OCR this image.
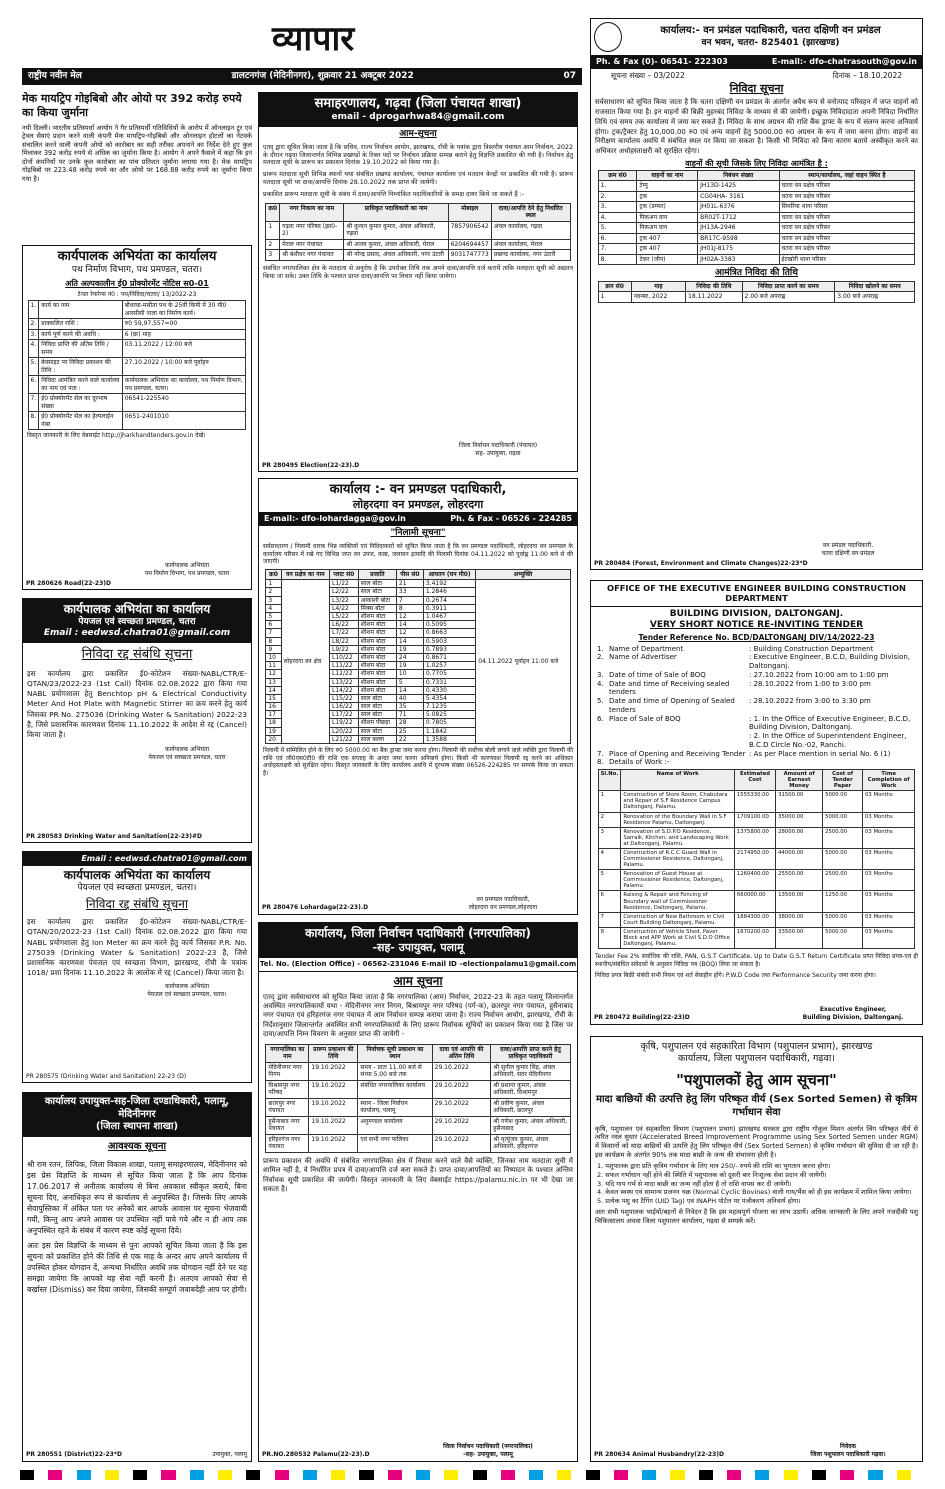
व्यापार
राष्ट्रीय नवीन मेल	डालटनगंज (मेदिनीनगर), शुक्रवार 21 अक्टूबर 2022	07
मेक मायट्रिप गोइबिबो और ओयो पर 392 करोड़ रुपये का किया जुर्माना
नयी दिल्ली। भारतीय प्रतिस्पर्धा आयोग ने गैर प्रतिस्पर्धी गतिविधियों के आरोप में ऑनलाइन टूर एवं ट्रेवल सेवाएं प्रदान करने वाली कंपनी मेक मायट्रिप-गोइबिबो और ओनलाइन होटलों का नेटवर्क संचालित करने वाली कंपनी ओयो को कारोबार का सही तरीका अपनाने का निर्देश देते हुए कुल मिलाकर 392 करोड़ रुपये से अधिक का जुर्माना किया है। आयोग ने अपने फैसले में कहा कि इन दोनों कंपनियों पर उनके कुल कारोबार का पांच प्रतिशत जुर्माना लगाया गया है। मेक मायट्रिप गोइबिबो पर 223.48 करोड़ रुपये का और ओयो पर 168.88 करोड़ रुपये का जुर्माना किया गया है।
कार्यपालक अभियंता का कार्यालय
पथ निर्माण विभाग, पथ प्रमण्डल, चतरा।
अति अल्पकालीन ई0 प्रोक्योरमेंट नोटिस स0-01
टेन्डर रेफरेन्स नं0 : पथ/निविदा/चतरा/ 13/2022-23
1.	कार्य का नाम	बौधरवा-मसौता पथ के 25वीं किमी में 30 मी0 आरसीसी नाला का निर्माण कार्य।
2.	प्राक्कलित राशि :	रु0 59,97,557=00
3.	कार्य पूर्ण करने की अवधि :	6 (छः) माह
4.	निविदा प्राप्ति की अंतिम तिथि / समय	03.11.2022 / 12:00 बजे
5.	बेवसाइट पर निविदा प्रकाशन की तिथि :	27.10.2022 / 10:00 बजे पूर्वाहन
6.	निविदा आमंत्रित करने वाले कार्यालय का नाम एवं पता :	कार्यपालक अभियंता का कार्यालय, पथ निर्माण विभाग, पथ प्रमण्डल, चतरा।
7.	ई0 प्रोक्योरमेंट सेल का दूरभाष संख्या	06541-225540
8.	ई0 प्रोक्योरमेंट सेल का हेल्पलाईन नंबर	0651-2401010
विस्तृत जानकारी के लिए वेबसाईट http://jharkhandtenders.gov.in देखें।
कार्यपालक अभियंता
पथ निर्माण विभाग, पथ प्रमण्डल, चतरा
PR 280626 Road(22-23)D
कार्यपालक अभियंता का कार्यालय
पेयजल एवं स्वच्छता प्रमण्डल, चतरा
Email : eedwsd.chatra01@gmail.com
निविदा रद्द संबंधि सूचना
इस कार्यालय द्वारा प्रकाशित ई0-कोटेशन संख्या-NABL/CTR/E-QTAN/23/2022-23 (1st Call) दिनांक 02.08.2022 द्वारा किया गया NABL प्रयोगशाला हेतु Benchtop pH & Electrical Conductivity Meter And Hot Plate with Magnetic Stirrer का क्रय करने हेतु कार्य जिसका PR No. 275036 (Drinking Water & Sanitation) 2022-23 है, जिसे प्रशासनिक कारणवश दिनांक 11.10.2022 के आदेश से रद्द (Cancel) किया जाता है।
कार्यपालक अभियंता
पेयजल एवं स्वच्छता प्रमण्डल, चतरा
PR 280583 Drinking Water and Sanitation(22-23)#D
Email : eedwsd.chatra01@gmail.com
कार्यपालक अभियंता का कार्यालय
पेयजल एवं स्वच्छता प्रमण्डल, चतरा।
निविदा रद्द संबंधि सूचना
इस कार्यालय द्वारा प्रकाशित ई0-कोटेशन संख्या-NABL/CTR/E-QTAN/20/2022-23 (1st Call) दिनांक 02.08.2022 द्वारा किया गया NABL प्रयोगशाला हेतु Ion Meter का क्रय करने हेतु कार्य जिसका P.R. No. 275039 (Drinking Water & Sanitation) 2022-23 है, जिसे प्रशासनिक कारणवश पेयजल एवं स्वच्छता विभाग, झारखण्ड, राँची के पत्रांक 1018/ प्रशा दिनांक 11.10.2022 के आलोक में रद्द (Cancel) किया जाता है।
कार्यपालक अभियंता
पेयजल एवं स्वच्छता प्रमण्डल, चतरा।
PR 280575 (Drinking Water and Sanitation) 22-23 (D)
कार्यालय उपायुक्त-सह-जिला दण्डाधिकारी, पलामू, मेदिनीनगर
(जिला स्थापना शाखा)
आवश्यक सूचना
श्री राम रतन, लिपिक, जिला विकास शाखा, पलामू समाहरणालय, मेदिनीनगर को इस प्रेस विज्ञप्ति के माध्यम से सूचित किया जाता है कि आप दिनांक 17.06.2017 से अनीतक कार्यालय से बिना अवकाश स्वीकृत कराये, बिना सूचना दिए, अनाधिकृत रूप से कार्यालय से अनुपस्थित है। जिसके लिए आपके सेवापुस्तिका में अंकित पता पर अनेकों बार आपके आवास पर सूचना भेजवायी गयी, किन्तु आप अपने आवास पर उपस्थित नहीं पाये गये और न ही आप तक अनुपस्थित रहने के संबंध में कारण स्पष्ट कोई सूचना दिये।
अतः इस प्रेस विज्ञप्ति के माध्यम से पुनः आपको सूचित किया जाता है कि इस सूचना को प्रकाशित होने की तिथि से एक माह के अन्दर आप अपने कार्यालय में उपस्थित होकर योगदान दें, अन्यथा निर्धारित अवधि तक योगदान नहीं देने पर यह समझा जायेगा कि आपको यह सेवा नहीं करनी है। अतएव आपको सेवा से बर्खास्त (Dismiss) कर दिया जायेगा, जिसकी सम्पूर्ण जवाबदेही आप पर होगी।
उपायुक्त, पलामू
PR 280551 (District)22-23*D
समाहरणालय, गढ़वा (जिला पंचायत शाखा)
email - dprogarhwa84@gmail.com
आम-सूचना
एतद् द्वारा सूचित किया जाता है कि सचिव, राज्य निर्वाचन आयोग, झारखण्ड, राँची के पत्रांक द्वारा त्रिस्तरीय पंचायत आम निर्वाचन, 2022 के दौरान गढ़वा जिलान्तर्गत विभिन्न प्रखण्डों के रिक्त पदों पर निर्वाचन प्रक्रिया सम्पन्न कराने हेतु विज्ञप्ति प्रकाशित की गयी है। निर्वाचन हेतु मतदाता सूची के प्रारूप का प्रकाशन दिनांक 19.10.2022 को किया गया है।
प्रारूप मतदाता सूची विभिन्न स्थानों यथा संबंधित प्रखण्ड कार्यालय, पंचायत कार्यालय एवं मतदान केन्द्रों पर प्रकाशित की गयी है। प्रारूप मतदाता सूची पर दावा/आपत्ति दिनांक 28.10.2022 तक प्राप्त की जायेगी।
प्रकाशित प्रारूप मतदाता सूची के संबंध में दावा/आपत्ति निम्नांकित पदाधिकारियों के समक्ष दायर किये जा सकते हैं :-
क्र0	नगर निकाय का नाम	प्राधिकृत पदाधिकारी का नाम	मोबाइल	दावा/आपत्ति देने हेतु निर्धारित स्थल
1	गढ़वा नगर परिषद (झा0-2)	श्री कुन्दन कुमार कुमार, अंचल अधिकारी, गढ़वा	7857906542	अंचल कार्यालय, गढ़वा
2	मेराल नगर पंचायत	श्री अजय कुमार, अंचल अधिकारी, मेराल	6204694457	अंचल कार्यालय, मेराल
3	श्री बंशीधर नगर पंचायत	श्री नरेन्द्र प्रसाद, अंचल अधिकारी, नगर उंटारी	9031747773	प्रखण्ड कार्यालय, नगर उंटारी
संबंधित नगरपालिका क्षेत्र के मतदाता से अनुरोध है कि उपरोक्त तिथि तक अपने दावा/आपत्ति दर्ज करायें ताकि मतदाता सूची को अद्यतन किया जा सके। उक्त तिथि के पश्चात प्राप्त दावा/आपत्ति पर विचार नहीं किया जायेगा।
जिला निर्वाचन पदाधिकारी (पंचायत)
सह- उपायुक्त, गढ़वा
PR 280495 Election(22-23).D
कार्यालय :- वन प्रमण्डल पदाधिकारी,
लोहरदगा वन प्रमण्डल, लोहरदगा
E-mail:- dfo-lohardagga@gov.in	Ph. & Fax - 06526 - 224285
"निलामी सूचना"
सर्वसाधारण / निलामी धारक भिन्न व्यक्तियों एवं निविदाकारों को सूचित किया जाता है कि वन प्रमण्डल पदाधिकारी, लोहरदगा वन प्रमण्डल के कार्यालय परिसर में रखे गए विभिन्न जप्त वन उपज, काष्ठ, जलावन इत्यादि की निलामी दिनांक 04.11.2022 को पूर्वाह्न 11:00 बजे से की जाएगी।
क्र0	वन प्रक्षेत्र का नाम	प्लाट सं0	प्रजाति	पीस सं0	आयतन (घन मी0)	अभ्युक्ति
1	लोहरदगा वन क्षेत्र	L1/22	साल बोटा	21	3.4192	04.11.2022 पूर्वाहन 11:00 बजे
2		L2/22	साल बोटा	33	1.2846	
3		L3/22	आकाशी बोटा	7	0.2674	
4		L4/22	मिक्स बोटा	8	0.3911	
5		L5/22	शीशम बोटा	12	1.0467	
6		L6/22	शीशम बोटा	14	0.5095	
7		L7/22	शीशम बोटा	12	0.8663	
8		L8/22	शीशम बोटा	14	0.5903	
9		L9/22	शीशम बोटा	19	0.7893	
10		L10/22	शीशम बोटा	24	0.8671	
11		L11/22	शीशम बोटा	19	1.0257	
12		L12/22	शीशम बोटा	10	0.7705	
13		L13/22	शीशम बोटा	5	0.7331	
14		L14/22	शीशम बोटा	14	0.4330	
15		L15/22	साल बोटा	40	5.4354	
16		L16/22	साल बोटा	35	7.1235	
17		L17/22	साल बोटा	71	5.0825	
18		L19/22	शीशम पीछड़ा	28	0.7805	
19		L20/22	साल बोटा	25	1.1842	
20		L21/22	साल बल्ला	22	1.3588	
निलामी में सम्मिलित होने के लिए रु0 5000.00 का बैंक ड्राफ्ट जमा करना होगा। निलामी की सर्वोच्च बोली लगाने वाले व्यक्ति द्वारा निलामी की राशि एवं जी0एस0टी0 की राशि एक सप्ताह के अन्दर जमा करना अनिवार्य होगा। किसी भी कारणवश निलामी रद्द करने का अधिकार अधोहस्ताक्षरी को सुरक्षित रहेगा। विस्तृत जानकारी के लिए कार्यालय अवधि में दूरभाष संख्या 06526-224285 पर सम्पर्क किया जा सकता है।
वन प्रमण्डल पदाधिकारी,
लोहरदगा वन प्रमण्डल,लोहरदगा
PR 280476 Lohardaga(22-23).D
कार्यालय, जिला निर्वाचन पदाधिकारी (नगरपालिका)
-सह- उपायुक्त, पलामू
Tel. No. (Election Office) - 06562-231046 E-mail ID –electionpalamu1@gmail.com
आम सूचना
एतद् द्वारा सर्वसाधारण को सूचित किया जाता है कि नगरपालिका (आम) निर्वाचन, 2022-23 के तहत पलामू जिलान्तर्गत अवस्थित नगरपालिकायों यथा - मेदिनीनगर नगर निगम, बिश्रामपुर नगर परिषद (पर्ग-क), छतरपुर नगर पंचायत, हुसैनाबाद नगर पंचायत एवं हरिहरगंज नगर पंचायत में आम निर्वाचन सम्पन्न कराया जाना है। राज्य निर्वाचन आयोग, झारखण्ड, राँची के निर्देशानुसार जिलान्तर्गत अवस्थित सभी नगरपालिकायों के लिए प्रारूप निर्वाचक सूचियों का प्रकाशन किया गया है जिस पर दावा/आपत्ति निम्न विवरण के अनुसार प्राप्त की जायेगी -
नगरपालिका का नाम	प्रारूप प्रकाशन की तिथि	निर्वाचक सूची प्रकाशन का स्थान	दावा एवं आपत्ति की अंतिम तिथि	दावा/आपत्ति प्राप्त करने हेतु प्राधिकृत पदाधिकारी
मेदिनीनगर नगर निगम	19.10.2022	समय - प्रातः 11.00 बजे से संध्या 5.00 बजे तक	29.10.2022	श्री सुनील कुमार सिंह, अंचल अधिकारी, सदर मेदिनीनगर
विश्रामपुर नगर परिषद	19.10.2022	संबंधित नगरपालिका कार्यालय	29.10.2022	श्री प्रशान्त कुमार, अंचल अधिकारी, विश्रामपुर
छतरपुर नगर पंचायत	19.10.2022	स्थान - जिला निर्वाचन कार्यालय, पलामू	29.10.2022	श्री प्रवीण कुमार, अंचल अधिकारी, छतरपुर
हुसैनाबाद नगर पंचायत	19.10.2022	अनुमण्डल कार्यालय	29.10.2022	श्री गणेश कुमार, अंचल अधिकारी, हुसैनाबाद
हरिहरगंज नगर पंचायत	19.10.2022	एवं सभी नगर पालिका	29.10.2022	श्री मृत्युंजय कुमार, अंचल अधिकारी, हरिहरगंज
प्रारूप प्रकाशन की अवधि में संबंधित नगरपालिका क्षेत्र में निवास करने वाले वैसे व्यक्ति, जिनका नाम मतदाता सूची में शामिल नहीं है, वे निर्धारित प्रपत्र में दावा/आपत्ति दर्ज करा सकते हैं। प्राप्त दावा/आपत्तियों का निष्पादन के पश्चात अन्तिम निर्वाचक सूची प्रकाशित की जायेगी। विस्तृत जानकारी के लिए वेबसाईट https://palamu.nic.in पर भी देखा जा सकता है।
जिला निर्वाचन पदाधिकारी (नगरपालिका)
-सह- उपायुक्त, पलामू
PR.NO.280532 Palamu(22-23).D
कार्यालय:- वन प्रमंडल पदाधिकारी, चतरा दक्षिणी वन प्रमंडल
वन भवन, चतरा- 825401 (झारखण्ड)
Ph. & Fax (0)- 06541- 222303	E-mail:- dfo-chatrasouth@gov.in
सूचना संख्या – 03/2022	दिनांक – 18.10.2022
निविदा सूचना
सर्वसाधारण को सूचित किया जाता है कि चतरा दक्षिणी वन प्रमंडल के अंतर्गत अवैध रूप से वनोत्पाद परिवहन में जप्त वाहनों को राजसात किया गया है। इन वाहनों की बिक्री मुहरबंद निविदा के माध्यम से की जायेगी। इच्छुक निविदादाता अपनी निविदा निर्धारित तिथि एवं समय तक कार्यालय में जमा कर सकते हैं। निविदा के साथ अग्रधन की राशि बैंक ड्राफ्ट के रूप में संलग्न करना अनिवार्य होगा। ट्रक/ट्रैक्टर हेतु 10,000.00 रु0 एवं अन्य वाहनों हेतु 5000.00 रु0 अग्रधन के रूप में जमा करना होगा। वाहनों का निरीक्षण कार्यालय अवधि में संबंधित स्थल पर किया जा सकता है। किसी भी निविदा को बिना कारण बताये अस्वीकृत करने का अधिकार अधोहस्ताक्षरी को सुरक्षित रहेगा।
वाहनों की सूची जिसके लिए निविदा आमंत्रित है :
क्रम सं0	वाहनों का नाम	निबंधन संख्या	स्थान/कार्यालय, जहां वाहन स्थित है
1.	टेम्पु	JH13D-1425	चतरा वन प्रक्षेत्र परिसर
2.	ट्रक	CG04HA- 3161	चतरा वन प्रक्षेत्र परिसर
3.	ट्रक (डम्फर)	JH01L-6376	सिमरिया थाना परिसर
4.	पिकअप वान	BR02T-1712	चतरा वन प्रक्षेत्र परिसर
5.	पिकअप वान	JH13A-2946	चतरा वन प्रक्षेत्र परिसर
6.	ट्रक 407	BR17C-9598	चतरा वन प्रक्षेत्र परिसर
7.	ट्रक 407	JH01J-8175	चतरा वन प्रक्षेत्र परिसर
8.	टेकर (जीप)	JH02A-3383	ईटखोरी थाना परिसर
आमंत्रित निविदा की तिथि
क्रम सं0	माह	निविदा की तिथि	निविदा प्राप्त करने का समय	निविदा खोलने का समय
1	नवम्बर, 2022	18.11.2022	2.00 बजे अपराह्न	3.00 बजे अपराह्न
वन प्रमंडल पदाधिकारी,
चतरा दक्षिणी वन प्रमंडल
PR 280484 (Forest, Environment and Climate Changes)22-23*D
OFFICE OF THE EXECUTIVE ENGINEER BUILDING CONSTRUCTION DEPARTMENT
BUILDING DIVISION, DALTONGANJ.
VERY SHORT NOTICE RE-INVITING TENDER
Tender Reference No. BCD/DALTONGANJ DIV/14/2022-23
1. Name of Department	: Building Construction Department
2. Name of Advertiser	: Executive Engineer, B.C.D, Building Division, Daltonganj.
3. Date of time of Sale of BOQ	: 27.10.2022 from 10:00 am to 1:00 pm
4. Date and time of Receiving sealed tenders
: 28.10.2022 from 1:00 to 3:00 pm
5. Date and time of Opening of Sealed tenders
: 28.10.2022 from 3:00 to 3:30 pm
6. Place of Sale of BOQ	: 1. In the Office of Executive Engineer, B.C.D, Building Division, Daltonganj.
: 2. In the Office of Superintendent Engineer, B.C.D Circle No.-02, Ranchi.
7. Place of Opening and Receiving Tender : As per Place mention in serial No. 6 (1)
8. Details of Work :-
Sl.No.	Name of Work	Estimated Cost	Amount of Earnest Money	Cost of Tender Paper	Time Completion of Work
1	Construction of Store Room, Chabutara and Repair of S.F Residence Campus Daltonganj, Palamu.	1555330.00	31500.00	5000.00	03 Months
2	Renovation of the Boundary Wall in S.F Residence Palamu, Daltonganj.	1709100.00	35000.00	5000.00	03 Months
3	Renovation of S.D.P.O Residence, Sarraik, Kitchen, and Landscaping Work at Daltonganj, Palamu.	1375800.00	28000.00	2500.00	03 Months
4	Construction of R.C.C Guard Wall in Commissioner Residence, Daltonganj, Palamu.	2174950.00	44000.00	5000.00	03 Months
5	Renovation of Guest House at Commissioner Residence, Daltonganj, Palamu.	1260400.00	25500.00	2500.00	03 Months
6	Raising & Repair and Fencing of Boundary wall of Commissioner Residence, Daltonganj, Palamu.	660000.00	13500.00	1250.00	03 Months
7	Construction of New Bathroom in Civil Court Building Daltonganj, Palamu.	1884300.00	38000.00	5000.00	03 Months
8	Construction of Vehicle Shed, Paver Block and APP Work at Civil S.D.O Office Daltonganj, Palamu.	1670200.00	33500.00	5000.00	03 Months
Tender Fee 2% सर्वाधिक की राशि, PAN, G.S.T Certificate, Up to Date G.S.T Return Certificate प्राप्त निविदा प्रपत्र-एवं ही स्थानीय/संबंधित संवेदकों के अनुसार निविदा पत्र (BOQ) लिया जा सकता है।
निविदा प्रपत्र बिक्री संबंधी सभी नियम एवं शर्त सेवाहीन होंगे। P.W.D Code तथा Performance Security जमा करना होगा।
Executive Engineer,
Building Division, Daltonganj.
PR 280472 Building(22-23)D
कृषि, पशुपालन एवं सहकारिता विभाग (पशुपालन प्रभाग), झारखण्ड
कार्यालय, जिला पशुपालन पदाधिकारी, गढ़वा।
"पशुपालकों हेतु आम सूचना"
मादा बाछियों की उत्पत्ति हेतु लिंग परिष्कृत वीर्य (Sex Sorted Semen) से कृत्रिम गर्भाधान सेवा
कृषि, पशुपालन एवं सहकारिता विभाग (पशुपालन प्रभाग) झारखण्ड सरकार द्वारा राष्ट्रीय गोकुल मिशन अंतर्गत लिंग परिष्कृत वीर्य से त्वरित नस्ल सुधार (Accelerated Breed Improvement Programme using Sex Sorted Semen under RGM) में किसानों को मादा बाछियों की उत्पत्ति हेतु लिंग परिष्कृत वीर्य (Sex Sorted Semen) से कृत्रिम गर्भाधान की सुविधा दी जा रही है। इस कार्यक्रम के अंतर्गत 90% तक मादा बाछी के जन्म की संभावना होती है।
1. पशुपालक द्वारा प्रति कृत्रिम गर्भाधान के लिए मात्र 250/- रुपये की राशि का भुगतान करना होगा।
2. सफल गर्भाधान नहीं होने की स्थिति में पशुपालक को दूसरी बार निःशुल्क सेवा प्रदान की जायेगी।
3. यदि गाय गर्भ से मादा बाछी का जन्म नहीं होता है तो राशि वापस कर दी जायेगी।
4. केवल स्वस्थ एवं सामान्य प्रजनन चक्र (Normal Cyclic Bovines) वाली गाय/भैंस को ही इस कार्यक्रम में शामिल किया जायेगा।
5. प्रत्येक पशु का टैगिंग (UID Tag) एवं INAPH पोर्टल पर पंजीकरण अनिवार्य होगा।
अतः सभी पशुपालक भाईयों/बहनों से निवेदन है कि इस महत्वपूर्ण योजना का लाभ उठायें। अधिक जानकारी के लिए अपने नजदीकी पशु चिकित्सालय अथवा जिला पशुपालन कार्यालय, गढ़वा से सम्पर्क करें।
निवेदक
जिला पशुपालन पदाधिकारी गढ़वा।
PR 280634 Animal Husbandry(22-23)D
